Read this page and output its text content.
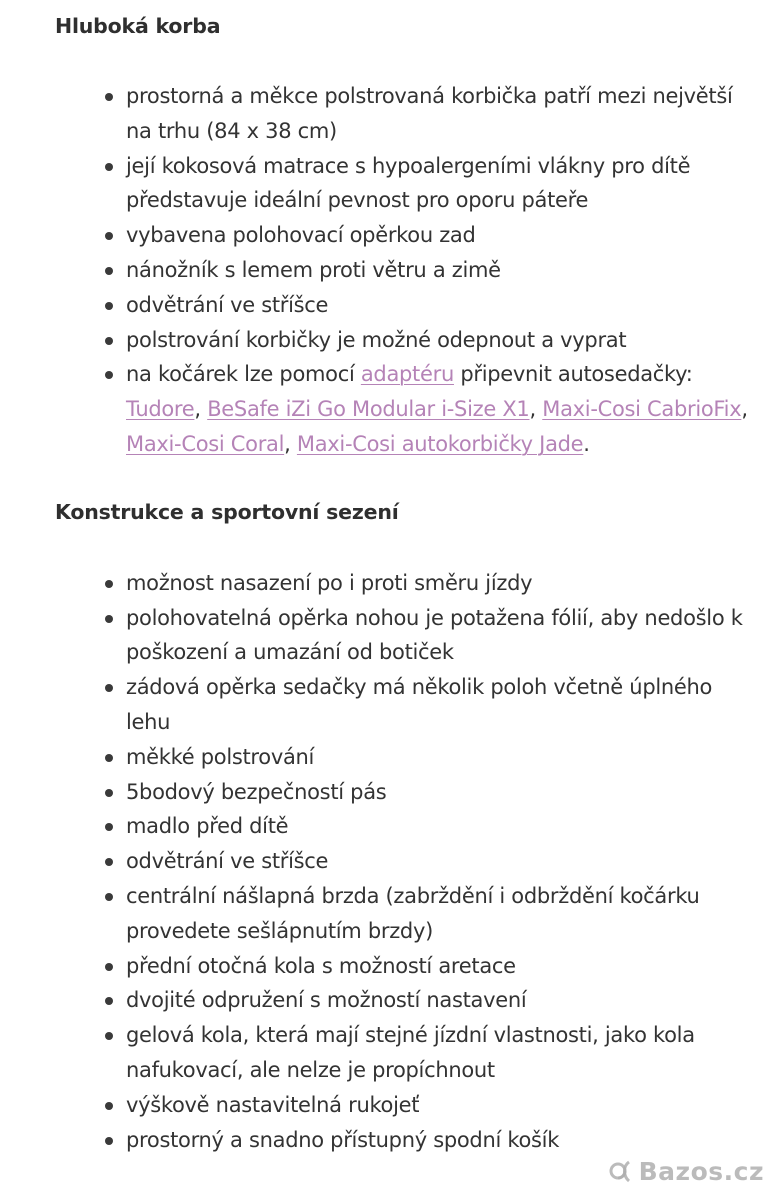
Hluboká korba
prostorná a měkce polstrovaná korbička patří mezi největší na trhu (84 x 38 cm)
její kokosová matrace s hypoalergeními vlákny pro dítě představuje ideální pevnost pro oporu páteře
vybavena polohovací opěrkou zad
nánožník s lemem proti větru a zimě
odvětrání ve stříšce
polstrování korbičky je možné odepnout a vyprat
na kočárek lze pomocí adaptéru připevnit autosedačky: Tudore, BeSafe iZi Go Modular i-Size X1, Maxi-Cosi CabrioFix, Maxi-Cosi Coral, Maxi-Cosi autokorbičky Jade.
Konstrukce a sportovní sezení
možnost nasazení po i proti směru jízdy
polohovatelná opěrka nohou je potažena fólií, aby nedošlo k poškození a umazání od botiček
zádová opěrka sedačky má několik poloh včetně úplného lehu
měkké polstrování
5bodový bezpečností pás
madlo před dítě
odvětrání ve stříšce
centrální nášlapná brzda (zabrždění i odbrždění kočárku provedete sešlápnutím brzdy)
přední otočná kola s možností aretace
dvojité odpružení s možností nastavení
gelová kola, která mají stejné jízdní vlastnosti, jako kola nafukovací, ale nelze je propíchnout
výškově nastavitelná rukojeť
prostorný a snadno přístupný spodní košík
Bazos.cz
